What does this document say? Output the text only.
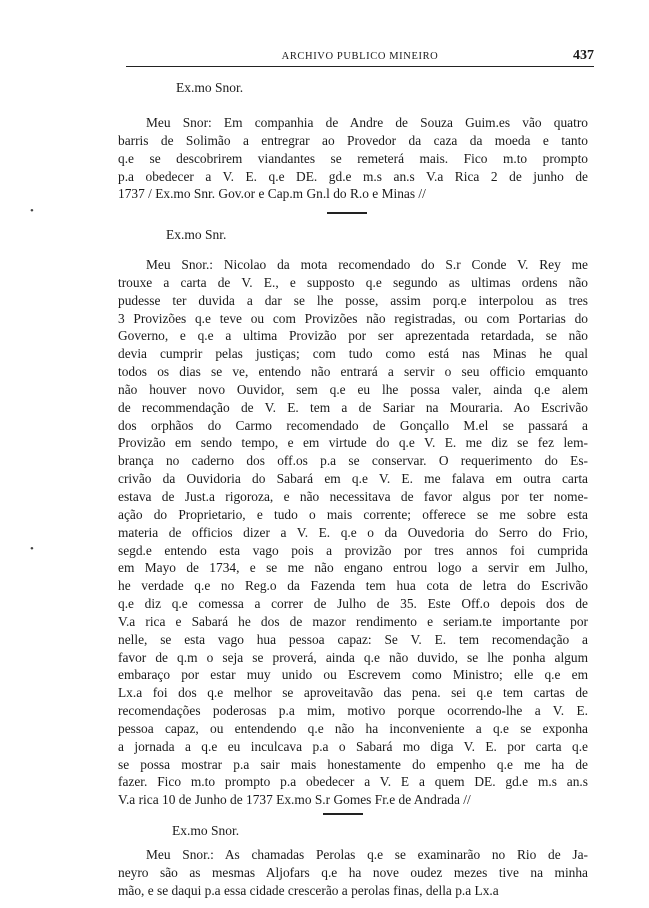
ARCHIVO PUBLICO MINEIRO	437
•
•
Ex.mo Snor.
Meu Snor: Em companhia de Andre de Souza Guim.es vão quatro
barris de Solimão a entregrar ao Provedor da caza da moeda e tanto
q.e se descobrirem viandantes se remeterá mais. Fico m.to prompto
p.a obedecer a V. E. q.e DE. gd.e m.s an.s V.a Rica 2 de junho de
1737 / Ex.mo Snr. Gov.or e Cap.m Gn.l do R.o e Minas //
Ex.mo Snr.
Meu Snor.: Nicolao da mota recomendado do S.r Conde V. Rey me
trouxe a carta de V. E., e supposto q.e segundo as ultimas ordens não
pudesse ter duvida a dar se lhe posse, assim porq.e interpolou as tres
3 Provizões q.e teve ou com Provizões não registradas, ou com Portarias do
Governo, e q.e a ultima Provizão por ser aprezentada retardada, se não
devia cumprir pelas justiças; com tudo como está nas Minas he qual
todos os dias se ve, entendo não entrará a servir o seu officio emquanto
não houver novo Ouvidor, sem q.e eu lhe possa valer, ainda q.e alem
de recommendação de V. E. tem a de Sariar na Mouraria. Ao Escrivão
dos orphãos do Carmo recomendado de Gonçallo M.el se passará a
Provizão em sendo tempo, e em virtude do q.e V. E. me diz se fez lem-
brança no caderno dos off.os p.a se conservar. O requerimento do Es-
crivão da Ouvidoria do Sabará em q.e V. E. me falava em outra carta
estava de Just.a rigoroza, e não necessitava de favor algus por ter nome-
ação do Proprietario, e tudo o mais corrente; offerece se me sobre esta
materia de officios dizer a V. E. q.e o da Ouvedoria do Serro do Frio,
segd.e entendo esta vago pois a provizão por tres annos foi cumprida
em Mayo de 1734, e se me não engano entrou logo a servir em Julho,
he verdade q.e no Reg.o da Fazenda tem hua cota de letra do Escrivão
q.e diz q.e comessa a correr de Julho de 35. Este Off.o depois dos de
V.a rica e Sabará he dos de mazor rendimento e seriam.te importante por
nelle, se esta vago hua pessoa capaz: Se V. E. tem recomendação a
favor de q.m o seja se proverá, ainda q.e não duvido, se lhe ponha algum
embaraço por estar muy unido ou Escrevem como Ministro; elle q.e em
Lx.a foi dos q.e melhor se aproveitavão das pena. sei q.e tem cartas de
recomendações poderosas p.a mim, motivo porque ocorrendo-lhe a V. E.
pessoa capaz, ou entendendo q.e não ha inconveniente a q.e se exponha
a jornada a q.e eu inculcava p.a o Sabará mo diga V. E. por carta q.e
se possa mostrar p.a sair mais honestamente do empenho q.e me ha de
fazer. Fico m.to prompto p.a obedecer a V. E a quem DE. gd.e m.s an.s
V.a rica 10 de Junho de 1737 Ex.mo S.r Gomes Fr.e de Andrada //
Ex.mo Snor.
Meu Snor.: As chamadas Perolas q.e se examinarão no Rio de Ja-
neyro são as mesmas Aljofars q.e ha nove oudez mezes tive na minha
mão, e se daqui p.a essa cidade crescerão a perolas finas, della p.a Lx.a
